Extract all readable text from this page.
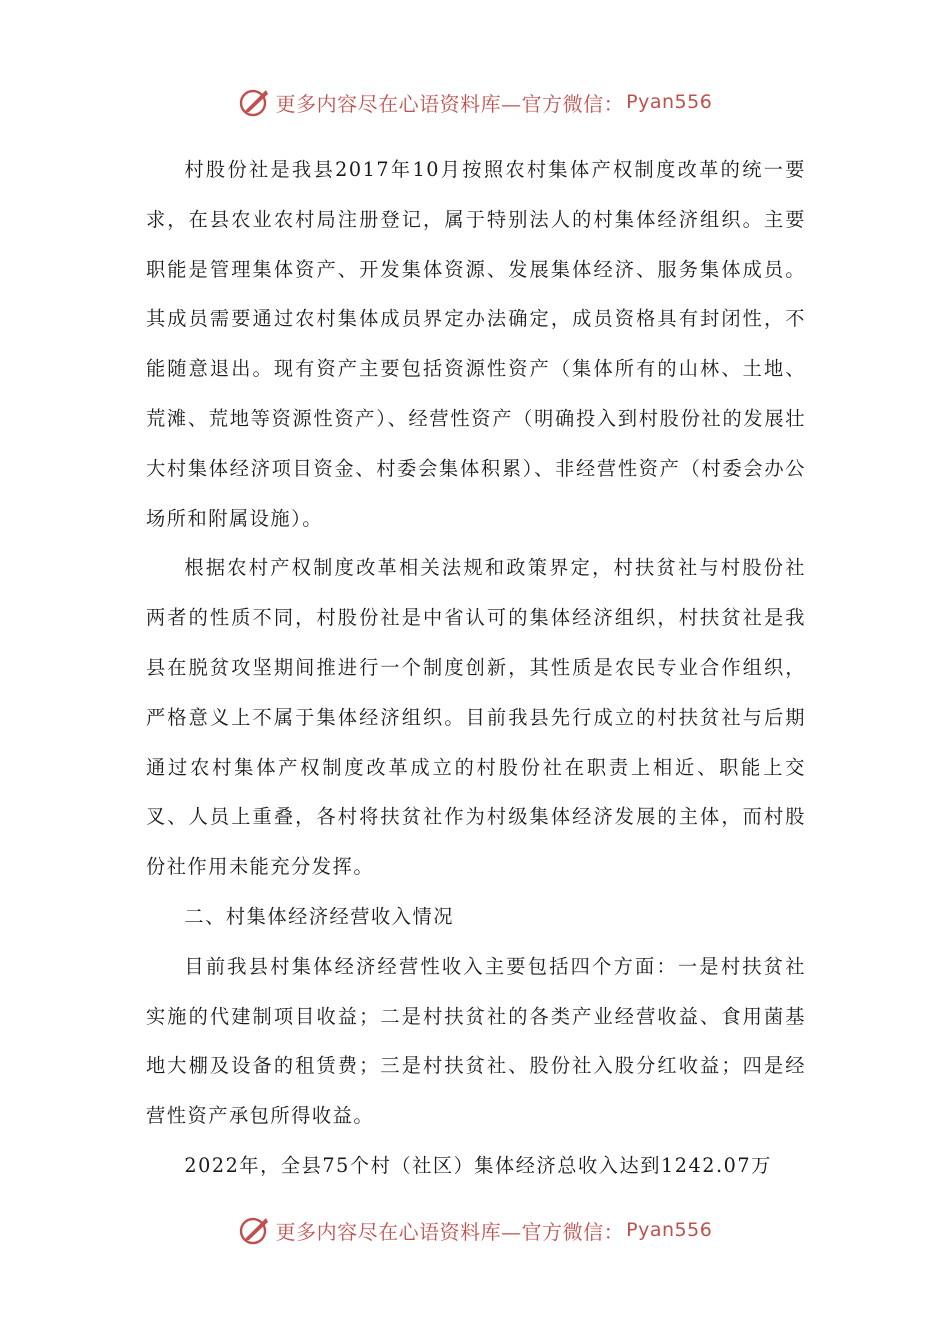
更多内容尽在心语资料库—官方微信： Pyan556

村股份社是我县2017年10月按照农村集体产权制度改革的统一要求，在县农业农村局注册登记，属于特别法人的村集体经济组织。主要职能是管理集体资产、开发集体资源、发展集体经济、服务集体成员。其成员需要通过农村集体成员界定办法确定，成员资格具有封闭性，不能随意退出。现有资产主要包括资源性资产（集体所有的山林、土地、荒滩、荒地等资源性资产）、经营性资产（明确投入到村股份社的发展壮大村集体经济项目资金、村委会集体积累）、非经营性资产（村委会办公场所和附属设施）。

根据农村产权制度改革相关法规和政策界定，村扶贫社与村股份社两者的性质不同，村股份社是中省认可的集体经济组织，村扶贫社是我县在脱贫攻坚期间推进行一个制度创新，其性质是农民专业合作组织，严格意义上不属于集体经济组织。目前我县先行成立的村扶贫社与后期通过农村集体产权制度改革成立的村股份社在职责上相近、职能上交叉、人员上重叠，各村将扶贫社作为村级集体经济发展的主体，而村股份社作用未能充分发挥。

二、村集体经济经营收入情况

目前我县村集体经济经营性收入主要包括四个方面：一是村扶贫社实施的代建制项目收益；二是村扶贫社的各类产业经营收益、食用菌基地大棚及设备的租赁费；三是村扶贫社、股份社入股分红收益；四是经营性资产承包所得收益。

2022年，全县75个村（社区）集体经济总收入达到1242.07万

更多内容尽在心语资料库—官方微信： Pyan556
